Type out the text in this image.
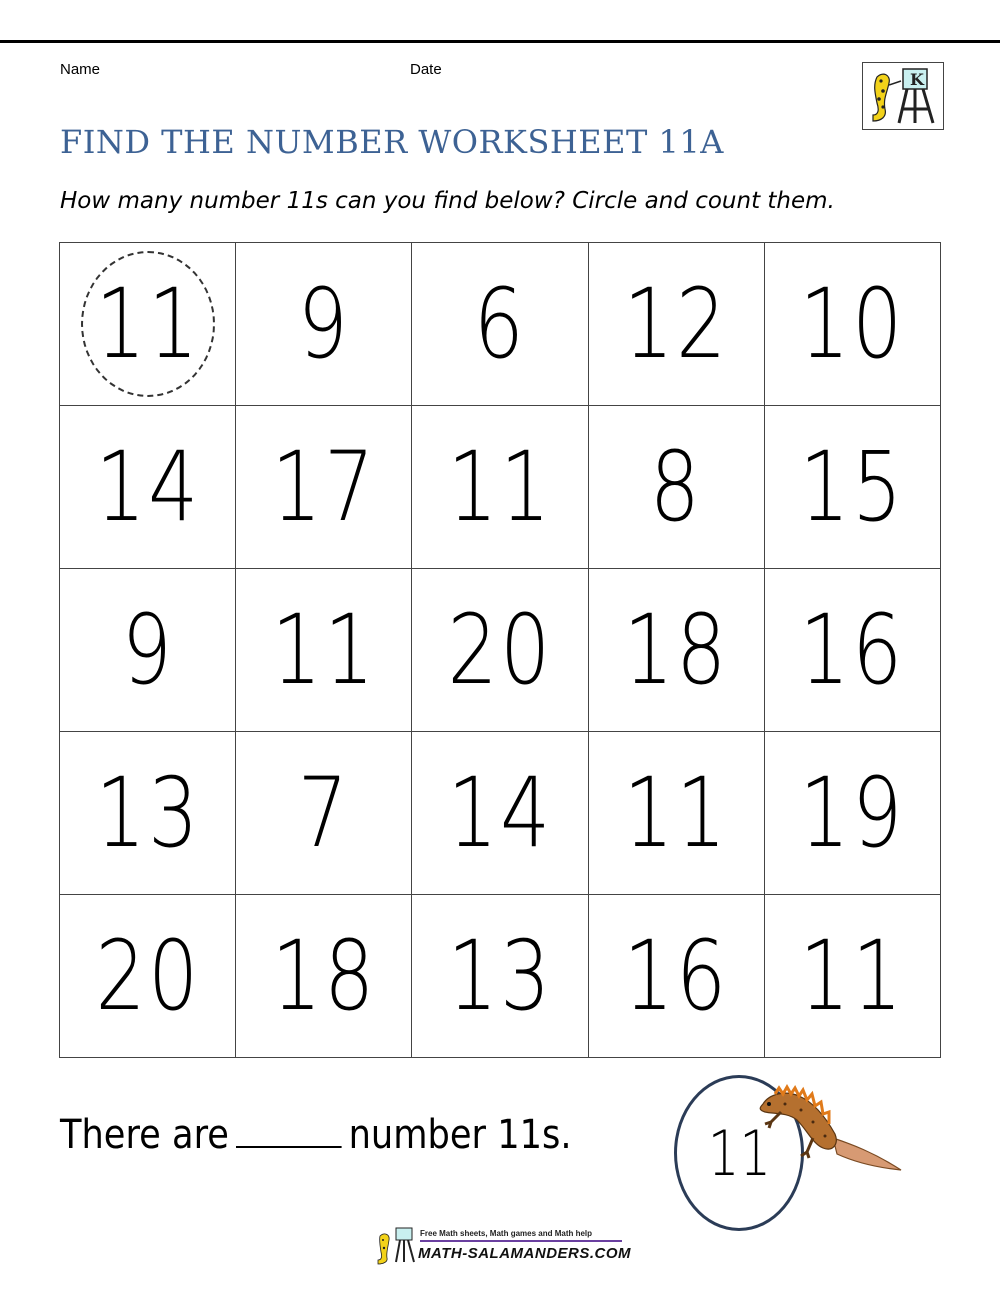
Name	Date
K
FIND THE NUMBER WORKSHEET 11A
How many number 11s can you find below? Circle and count them.
11 9 6 12 10
14 17 11 8 15
9 11 20 18 16
13 7 14 11 19
20 18 13 16 11
There are	number 11s. 11
Free Math sheets, Math games and Math help
MATH-SALAMANDERS.COM
